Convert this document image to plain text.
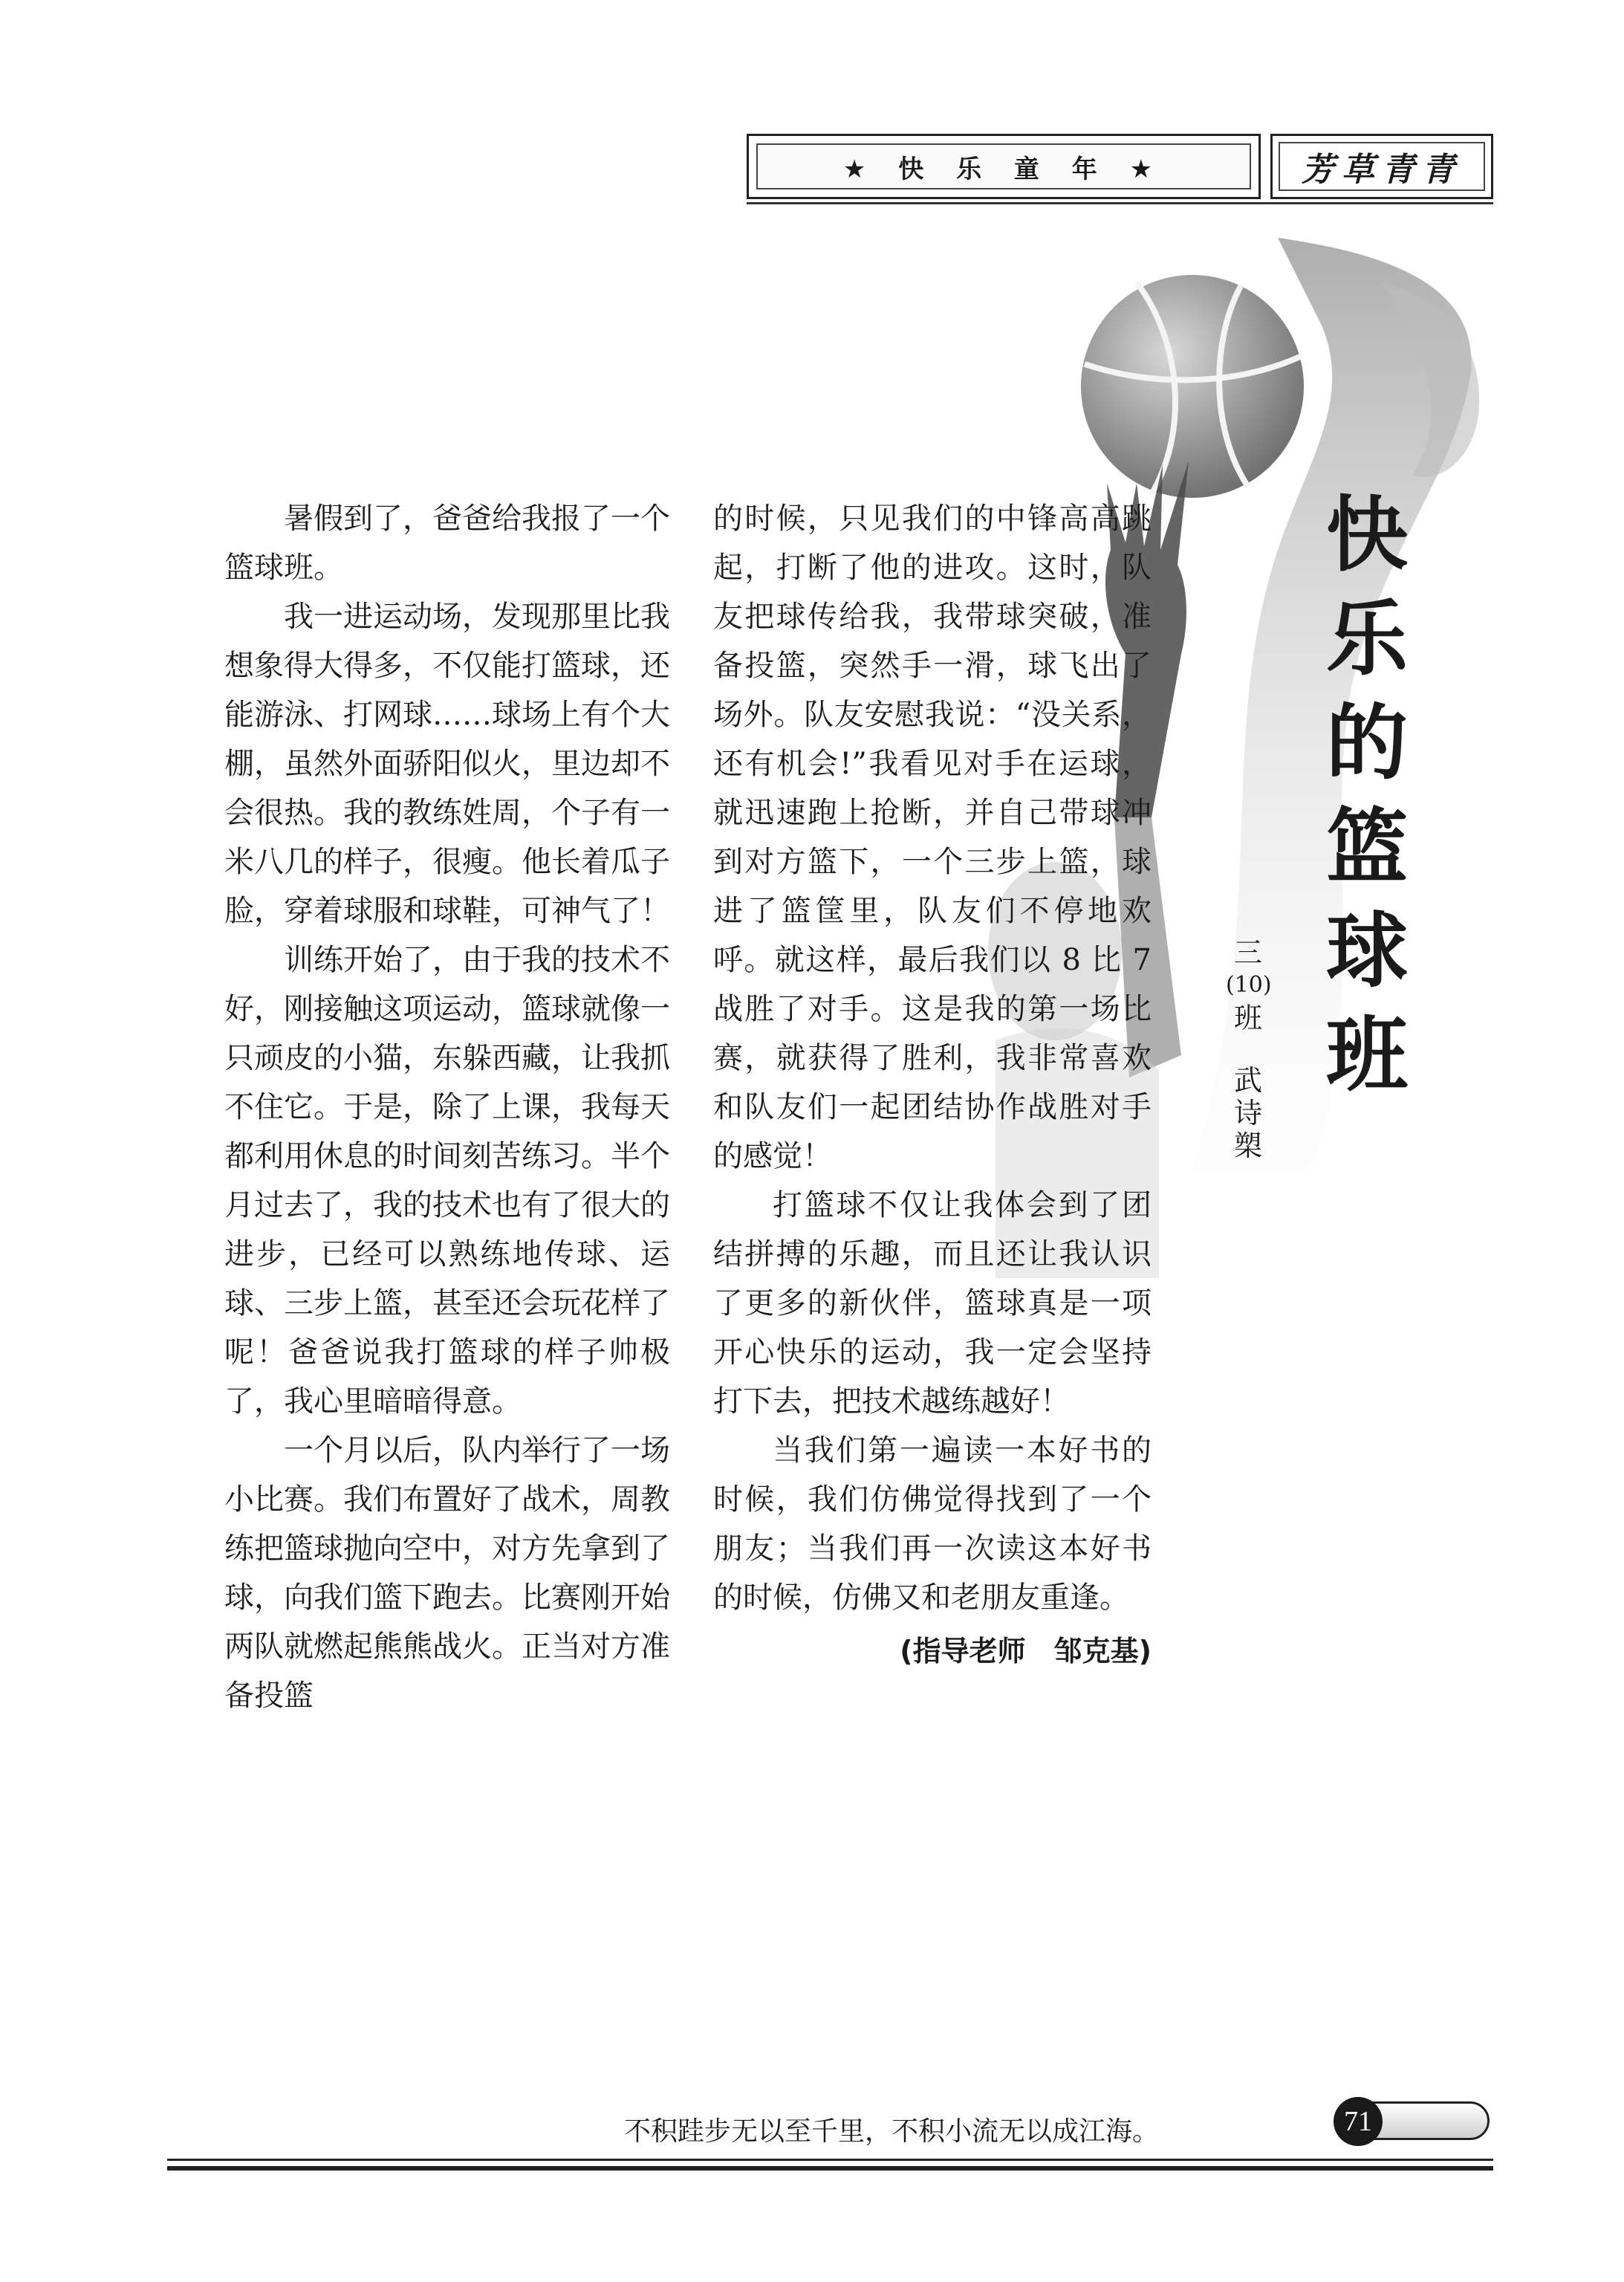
★ 快 乐 童 年 ★	芳草青青

暑假到了，爸爸给我报了一个篮球班。

我一进运动场，发现那里比我想象得大得多，不仅能打篮球，还能游泳、打网球……球场上有个大棚，虽然外面骄阳似火，里边却不会很热。我的教练姓周，个子有一米八几的样子，很瘦。他长着瓜子脸，穿着球服和球鞋，可神气了！

训练开始了，由于我的技术不好，刚接触这项运动，篮球就像一只顽皮的小猫，东躲西藏，让我抓不住它。于是，除了上课，我每天都利用休息的时间刻苦练习。半个月过去了，我的技术也有了很大的进步，已经可以熟练地传球、运球、三步上篮，甚至还会玩花样了呢！爸爸说我打篮球的样子帅极了，我心里暗暗得意。

一个月以后，队内举行了一场小比赛。我们布置好了战术，周教练把篮球抛向空中，对方先拿到了球，向我们篮下跑去。比赛刚开始两队就燃起熊熊战火。正当对方准备投篮

的时候，只见我们的中锋高高跳起，打断了他的进攻。这时，队友把球传给我，我带球突破，准备投篮，突然手一滑，球飞出了场外。队友安慰我说：“没关系，还有机会!”我看见对手在运球，就迅速跑上抢断，并自己带球冲到对方篮下，一个三步上篮，球进了篮筐里，队友们不停地欢呼。就这样，最后我们以 8 比 7 战胜了对手。这是我的第一场比赛，就获得了胜利，我非常喜欢和队友们一起团结协作战胜对手的感觉！

打篮球不仅让我体会到了团结拼搏的乐趣，而且还让我认识了更多的新伙伴，篮球真是一项开心快乐的运动，我一定会坚持打下去，把技术越练越好！

当我们第一遍读一本好书的时候，我们仿佛觉得找到了一个朋友；当我们再一次读这本好书的时候，仿佛又和老朋友重逢。

(指导老师　邹克基)
快
乐
的
篮
球
班
三
(10)
班
武
诗
槊
不积跬步无以至千里，不积小流无以成江海。	71
